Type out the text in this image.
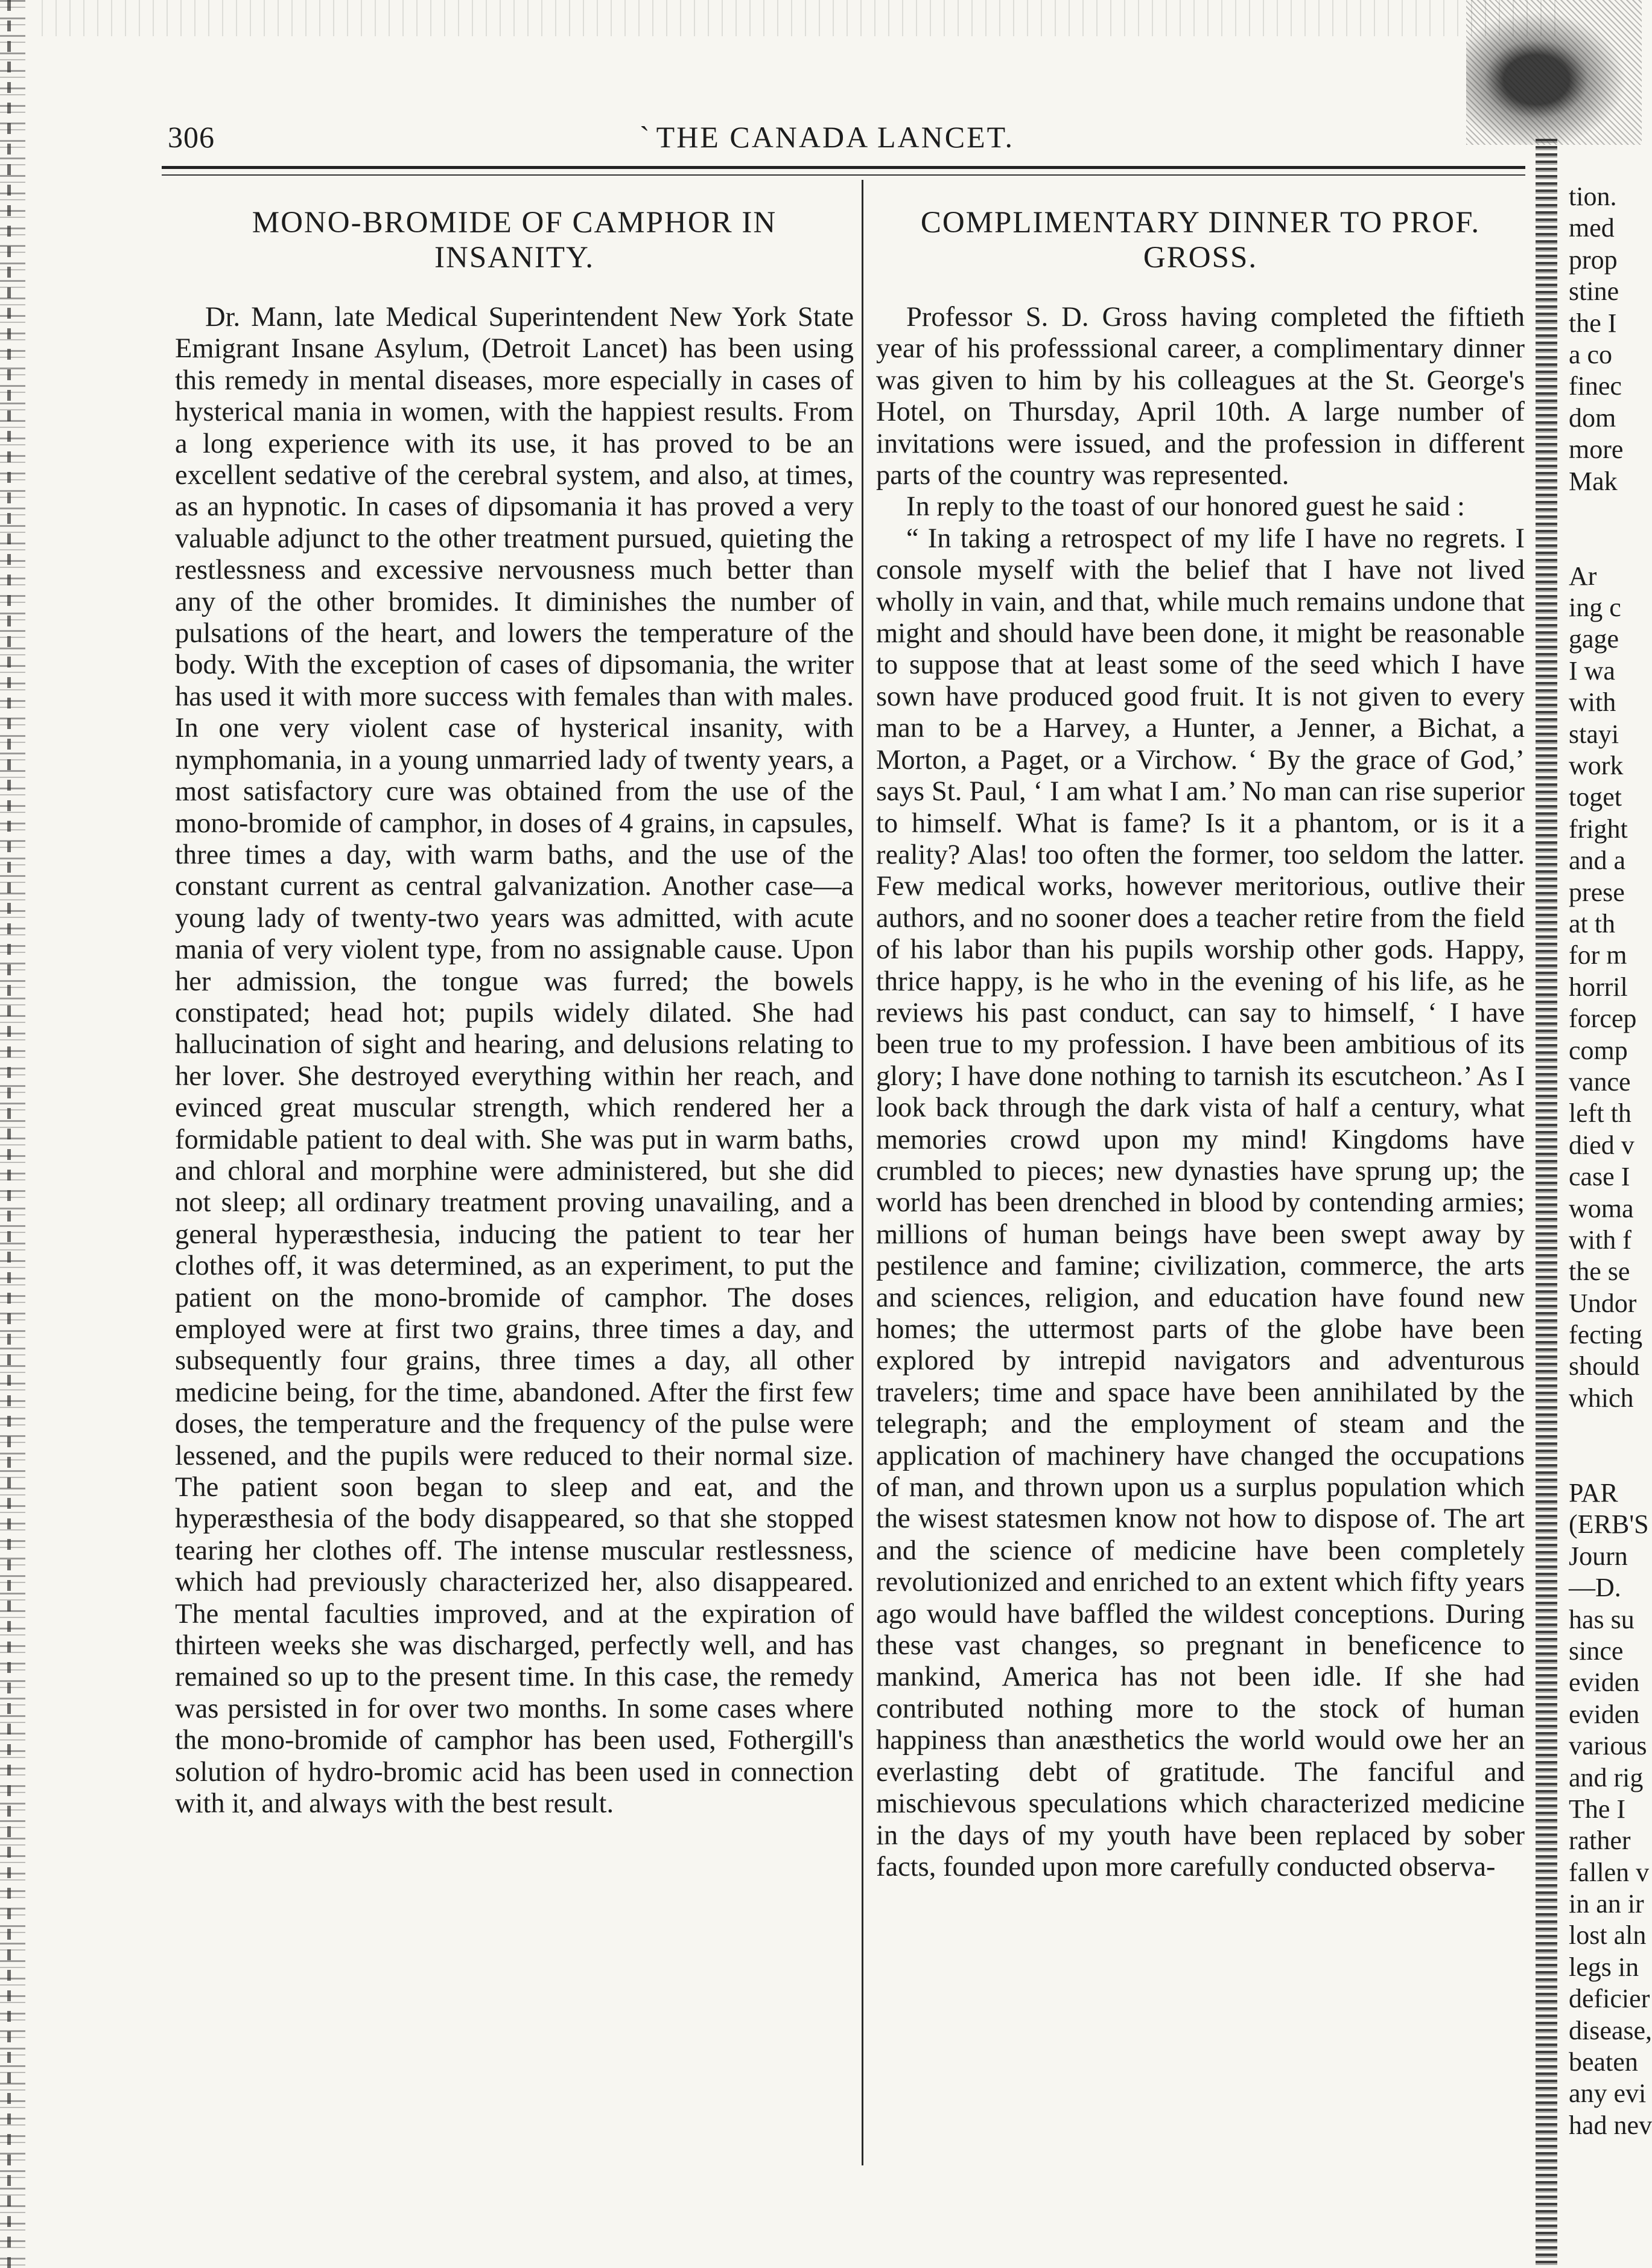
306
`	THE CANADA LANCET.
MONO-BROMIDE OF CAMPHOR IN INSANITY.

Dr. Mann, late Medical Superintendent New York State Emigrant Insane Asylum, (Detroit Lancet) has been using this remedy in mental diseases, more especially in cases of hysterical mania in women, with the happiest results. From a long experience with its use, it has proved to be an excellent sedative of the cerebral system, and also, at times, as an hypnotic. In cases of dipsomania it has proved a very valuable adjunct to the other treatment pursued, quieting the restlessness and excessive nervousness much better than any of the other bromides. It diminishes the number of pulsations of the heart, and lowers the temperature of the body. With the exception of cases of dipsomania, the writer has used it with more success with females than with males. In one very violent case of hysterical insanity, with nymphomania, in a young unmarried lady of twenty years, a most satisfactory cure was obtained from the use of the mono-bromide of camphor, in doses of 4 grains, in capsules, three times a day, with warm baths, and the use of the constant current as central galvanization. Another case—a young lady of twenty-two years was admitted, with acute mania of very violent type, from no assignable cause. Upon her admission, the tongue was furred; the bowels constipated; head hot; pupils widely dilated. She had hallucination of sight and hearing, and delusions relating to her lover. She destroyed everything within her reach, and evinced great muscular strength, which rendered her a formidable patient to deal with. She was put in warm baths, and chloral and morphine were administered, but she did not sleep; all ordinary treatment proving unavailing, and a general hyperæsthesia, inducing the patient to tear her clothes off, it was determined, as an experiment, to put the patient on the mono-bromide of camphor. The doses employed were at first two grains, three times a day, and subsequently four grains, three times a day, all other medicine being, for the time, abandoned. After the first few doses, the temperature and the frequency of the pulse were lessened, and the pupils were reduced to their normal size. The patient soon began to sleep and eat, and the hyperæsthesia of the body disappeared, so that she stopped tearing her clothes off. The intense muscular restlessness, which had previously characterized her, also disappeared. The mental faculties improved, and at the expiration of thirteen weeks she was discharged, perfectly well, and has remained so up to the present time. In this case, the remedy was persisted in for over two months. In some cases where the mono-bromide of camphor has been used, Fothergill's solution of hydro-bromic acid has been used in connection with it, and always with the best result.

COMPLIMENTARY DINNER TO PROF. GROSS.

Professor S. D. Gross having completed the fiftieth year of his professsional career, a complimentary dinner was given to him by his colleagues at the St. George's Hotel, on Thursday, April 10th. A large number of invitations were issued, and the profession in different parts of the country was represented.

In reply to the toast of our honored guest he said :

“ In taking a retrospect of my life I have no regrets. I console myself with the belief that I have not lived wholly in vain, and that, while much remains undone that might and should have been done, it might be reasonable to suppose that at least some of the seed which I have sown have produced good fruit. It is not given to every man to be a Harvey, a Hunter, a Jenner, a Bichat, a Morton, a Paget, or a Virchow. ‘ By the grace of God,’ says St. Paul, ‘ I am what I am.’ No man can rise superior to himself. What is fame? Is it a phantom, or is it a reality? Alas! too often the former, too seldom the latter. Few medical works, however meritorious, outlive their authors, and no sooner does a teacher retire from the field of his labor than his pupils worship other gods. Happy, thrice happy, is he who in the evening of his life, as he reviews his past conduct, can say to himself, ‘ I have been true to my profession. I have been ambitious of its glory; I have done nothing to tarnish its escutcheon.’ As I look back through the dark vista of half a century, what memories crowd upon my mind! Kingdoms have crumbled to pieces; new dynasties have sprung up; the world has been drenched in blood by contending armies; millions of human beings have been swept away by pestilence and famine; civilization, commerce, the arts and sciences, religion, and education have found new homes; the uttermost parts of the globe have been explored by intrepid navigators and adventurous travelers; time and space have been annihilated by the telegraph; and the employment of steam and the application of machinery have changed the occupations of man, and thrown upon us a surplus population which the wisest statesmen know not how to dispose of. The art and the science of medicine have been completely revolutionized and enriched to an extent which fifty years ago would have baffled the wildest conceptions. During these vast changes, so pregnant in beneficence to mankind, America has not been idle. If she had contributed nothing more to the stock of human happiness than anæsthetics the world would owe her an everlasting debt of gratitude. The fanciful and mischievous speculations which characterized medicine in the days of my youth have been replaced by sober facts, founded upon more carefully conducted observa-

tion.
med
prop
stine
the I
a co
finec
dom
more
Mak
Ar
ing c
gage
I wa
with
stayi
work
toget
fright
and a
prese
at th
for m
horril
forcep
comp
vance
left th
died v
case I
woma
with f
the se
Undor
fecting
should
which
PAR
(ERB'S
Journ
—D.
has su
since
eviden
eviden
various
and rig
The I
rather
fallen v
in an ir
lost aln
legs in
deficier
disease,
beaten
any evi
had nev
